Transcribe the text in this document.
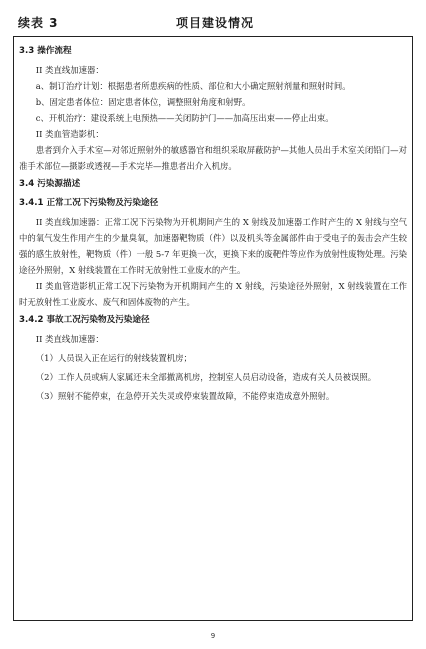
续表 3	项目建设情况

3.3 操作流程

II 类直线加速器：

a、制订治疗计划：根据患者所患疾病的性质、部位和大小确定照射剂量和照射时间。

b、固定患者体位：固定患者体位，调整照射角度和射野。

c、开机治疗：建设系统上电预热——关闭防护门——加高压出束——停止出束。

II 类血管造影机：

患者到介入手术室—对邻近照射外的敏感器官和组织采取屏蔽防护—其他人员出手术室关闭铅门—对准手术部位—摄影或透视—手术完毕—推患者出介入机房。

3.4 污染源描述

3.4.1 正常工况下污染物及污染途径

II 类直线加速器：正常工况下污染物为开机期间产生的 X 射线及加速器工作时产生的 X 射线与空气中的氧气发生作用产生的少量臭氧，加速器靶物质（件）以及机头等金属部件由于受电子的轰击会产生较强的感生放射性，靶物质（件）一般 5-7 年更换一次，更换下来的废靶件等应作为放射性废物处理。污染途径外照射，X 射线装置在工作时无放射性工业废水的产生。

II 类血管造影机正常工况下污染物为开机期间产生的 X 射线，污染途径外照射，X 射线装置在工作时无放射性工业废水、废气和固体废物的产生。

3.4.2 事故工况污染物及污染途径

II 类直线加速器：

（1）人员误入正在运行的射线装置机房；

（2）工作人员或病人家属还未全部撤离机房，控制室人员启动设备，造成有关人员被误照。

（3）照射不能停束，在急停开关失灵或停束装置故障，不能停束造成意外照射。

9
